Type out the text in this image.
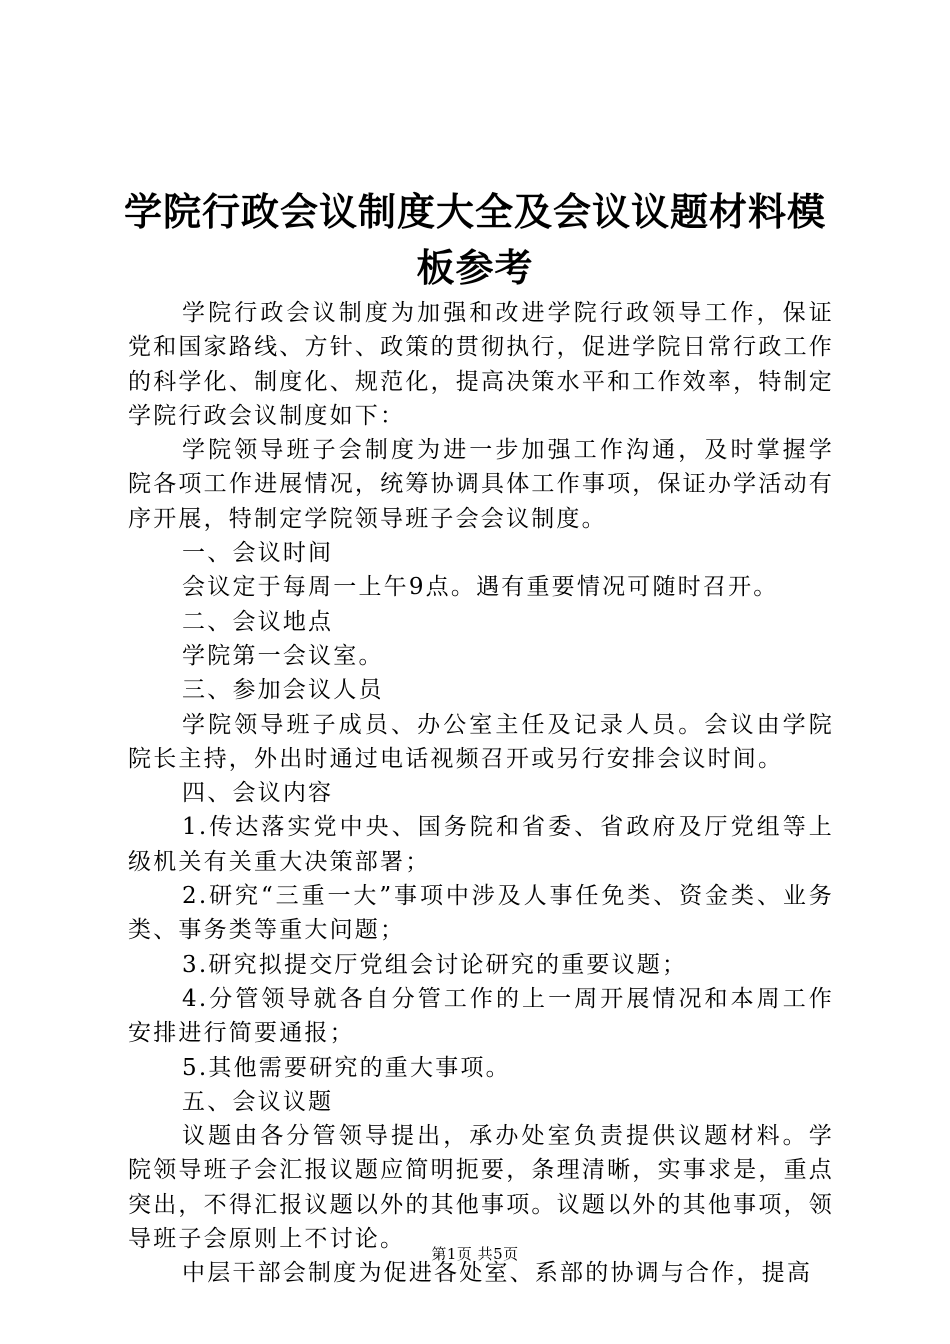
学院行政会议制度大全及会议议题材料模板参考

学院行政会议制度为加强和改进学院行政领导工作，保证党和国家路线、方针、政策的贯彻执行，促进学院日常行政工作的科学化、制度化、规范化，提高决策水平和工作效率，特制定学院行政会议制度如下：

学院领导班子会制度为进一步加强工作沟通，及时掌握学院各项工作进展情况，统筹协调具体工作事项，保证办学活动有序开展，特制定学院领导班子会会议制度。

一、会议时间

会议定于每周一上午9点。遇有重要情况可随时召开。

二、会议地点

学院第一会议室。

三、参加会议人员

学院领导班子成员、办公室主任及记录人员。会议由学院院长主持，外出时通过电话视频召开或另行安排会议时间。

四、会议内容

1.传达落实党中央、国务院和省委、省政府及厅党组等上级机关有关重大决策部署；

2.研究“三重一大”事项中涉及人事任免类、资金类、业务类、事务类等重大问题；

3.研究拟提交厅党组会讨论研究的重要议题；

4.分管领导就各自分管工作的上一周开展情况和本周工作安排进行简要通报；

5.其他需要研究的重大事项。

五、会议议题

议题由各分管领导提出，承办处室负责提供议题材料。学院领导班子会汇报议题应简明扼要，条理清晰，实事求是，重点突出，不得汇报议题以外的其他事项。议题以外的其他事项，领导班子会原则上不讨论。

中层干部会制度为促进各处室、系部的协调与合作，提高

第1页 共5页
